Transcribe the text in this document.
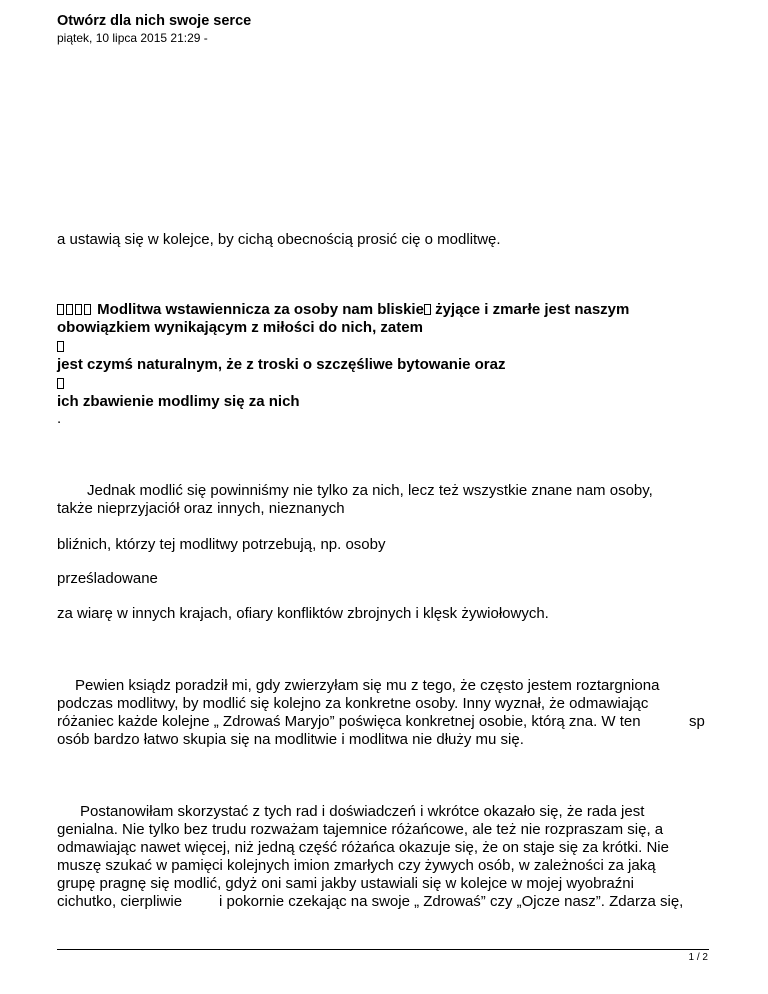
Otwórz dla nich swoje serce
piątek, 10 lipca 2015 21:29 -
a ustawią się w kolejce, by cichą obecnością prosić cię o modlitwę.
Modlitwa wstawiennicza za osoby nam bliskie żyjące i zmarłe jest naszym
obowiązkiem wynikającym z miłości do nich, zatem
jest czymś naturalnym, że z troski o szczęśliwe bytowanie oraz
ich zbawienie modlimy się za nich
.
Jednak modlić się powinniśmy nie tylko za nich, lecz też wszystkie znane nam osoby,
także nieprzyjaciół oraz innych, nieznanych
bliźnich, którzy tej modlitwy potrzebują, np. osoby
prześladowane
za wiarę w innych krajach, ofiary konfliktów zbrojnych i klęsk żywiołowych.
Pewien ksiądz poradził mi, gdy zwierzyłam się mu z tego, że często jestem roztargniona
podczas modlitwy, by modlić się kolejno za konkretne osoby. Inny wyznał, że odmawiając
różaniec każde kolejne „ Zdrowaś Maryjo” poświęca konkretnej osobie, którą zna. W ten	sp
osób bardzo łatwo skupia się na modlitwie i modlitwa nie dłuży mu się.
Postanowiłam skorzystać z tych rad i doświadczeń i wkrótce okazało się, że rada jest
genialna. Nie tylko bez trudu rozważam tajemnice różańcowe, ale też nie rozpraszam się, a
odmawiając nawet więcej, niż jedną część różańca okazuje się, że on staje się za krótki. Nie
muszę szukać w pamięci kolejnych imion zmarłych czy żywych osób, w zależności za jaką
grupę pragnę się modlić, gdyż oni sami jakby ustawiali się w kolejce w mojej wyobraźni
cichutko, cierpliwie i pokornie czekając na swoje „ Zdrowaś” czy „Ojcze nasz”. Zdarza się,
1 / 2
